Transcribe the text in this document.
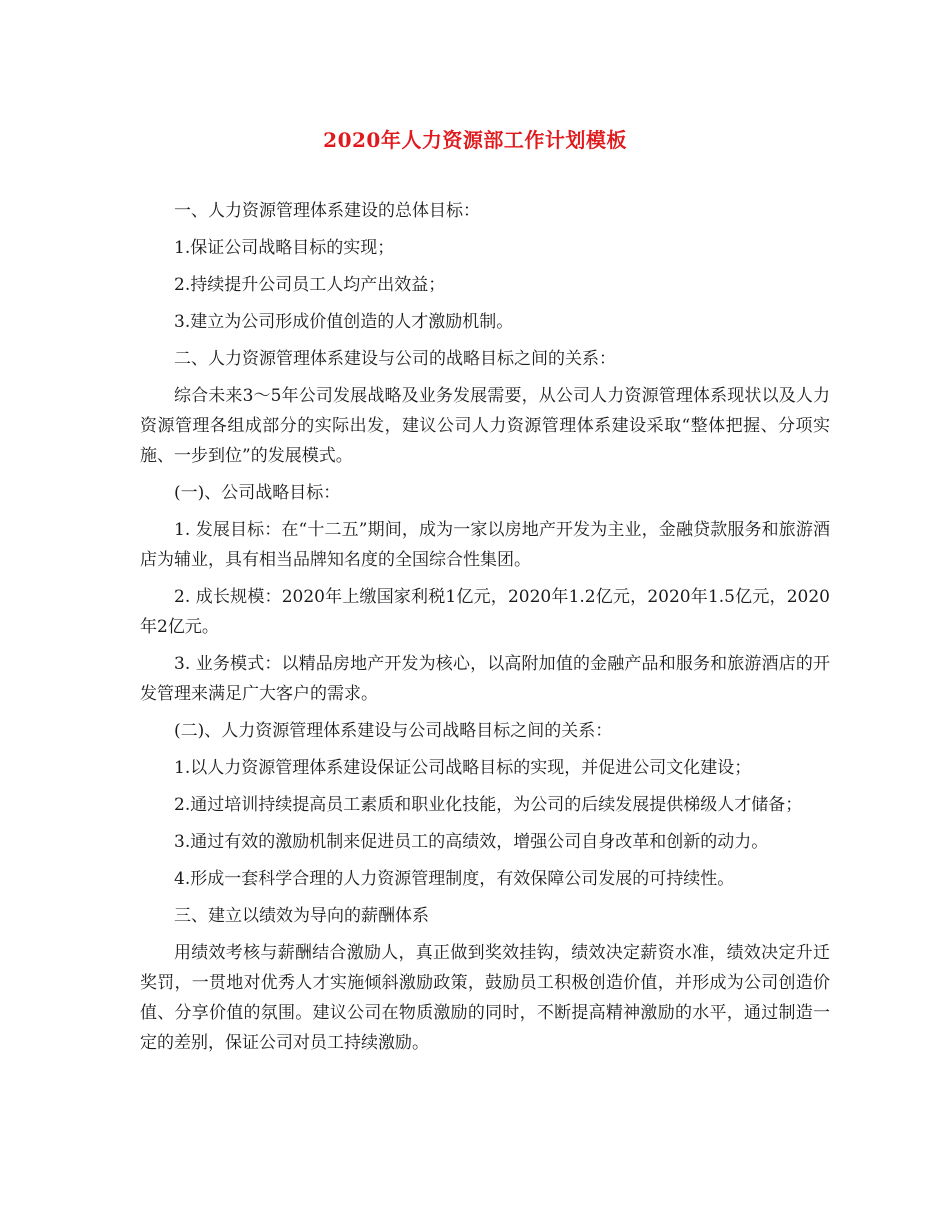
2020年人力资源部工作计划模板

一、人力资源管理体系建设的总体目标：

1.保证公司战略目标的实现；

2.持续提升公司员工人均产出效益；

3.建立为公司形成价值创造的人才激励机制。

二、人力资源管理体系建设与公司的战略目标之间的关系：

综合未来3～5年公司发展战略及业务发展需要，从公司人力资源管理体系现状以及人力资源管理各组成部分的实际出发，建议公司人力资源管理体系建设采取“整体把握、分项实施、一步到位”的发展模式。

(一)、公司战略目标：

1. 发展目标：在“十二五”期间，成为一家以房地产开发为主业，金融贷款服务和旅游酒店为辅业，具有相当品牌知名度的全国综合性集团。

2. 成长规模：2020年上缴国家利税1亿元，2020年1.2亿元，2020年1.5亿元，2020年2亿元。

3. 业务模式：以精品房地产开发为核心，以高附加值的金融产品和服务和旅游酒店的开发管理来满足广大客户的需求。

(二)、人力资源管理体系建设与公司战略目标之间的关系：

1.以人力资源管理体系建设保证公司战略目标的实现，并促进公司文化建设；

2.通过培训持续提高员工素质和职业化技能，为公司的后续发展提供梯级人才储备；

3.通过有效的激励机制来促进员工的高绩效，增强公司自身改革和创新的动力。

4.形成一套科学合理的人力资源管理制度，有效保障公司发展的可持续性。

三、建立以绩效为导向的薪酬体系

用绩效考核与薪酬结合激励人，真正做到奖效挂钩，绩效决定薪资水准，绩效决定升迁奖罚，一贯地对优秀人才实施倾斜激励政策，鼓励员工积极创造价值，并形成为公司创造价值、分享价值的氛围。建议公司在物质激励的同时，不断提高精神激励的水平，通过制造一定的差别，保证公司对员工持续激励。
